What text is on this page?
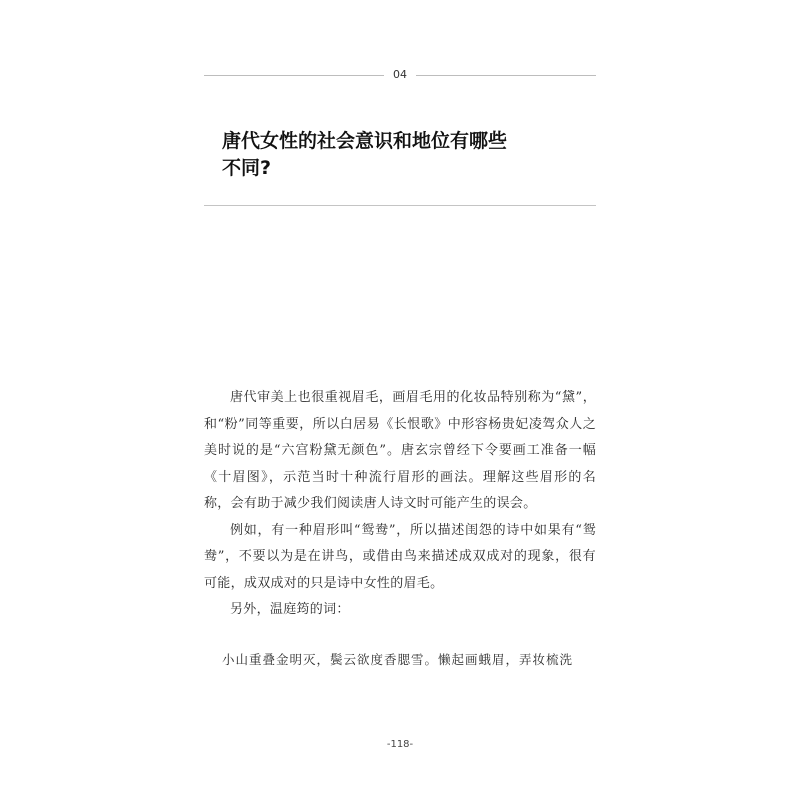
04
唐代女性的社会意识和地位有哪些不同?

唐代审美上也很重视眉毛，画眉毛用的化妆品特别称为“黛”，和“粉”同等重要，所以白居易《长恨歌》中形容杨贵妃凌驾众人之美时说的是“六宫粉黛无颜色”。唐玄宗曾经下令要画工准备一幅《十眉图》，示范当时十种流行眉形的画法。理解这些眉形的名称，会有助于减少我们阅读唐人诗文时可能产生的误会。

例如，有一种眉形叫“鸳鸯”，所以描述闺怨的诗中如果有“鸳鸯”，不要以为是在讲鸟，或借由鸟来描述成双成对的现象，很有可能，成双成对的只是诗中女性的眉毛。

另外，温庭筠的词：

小山重叠金明灭，鬓云欲度香腮雪。懒起画蛾眉，弄妆梳洗
-118-
